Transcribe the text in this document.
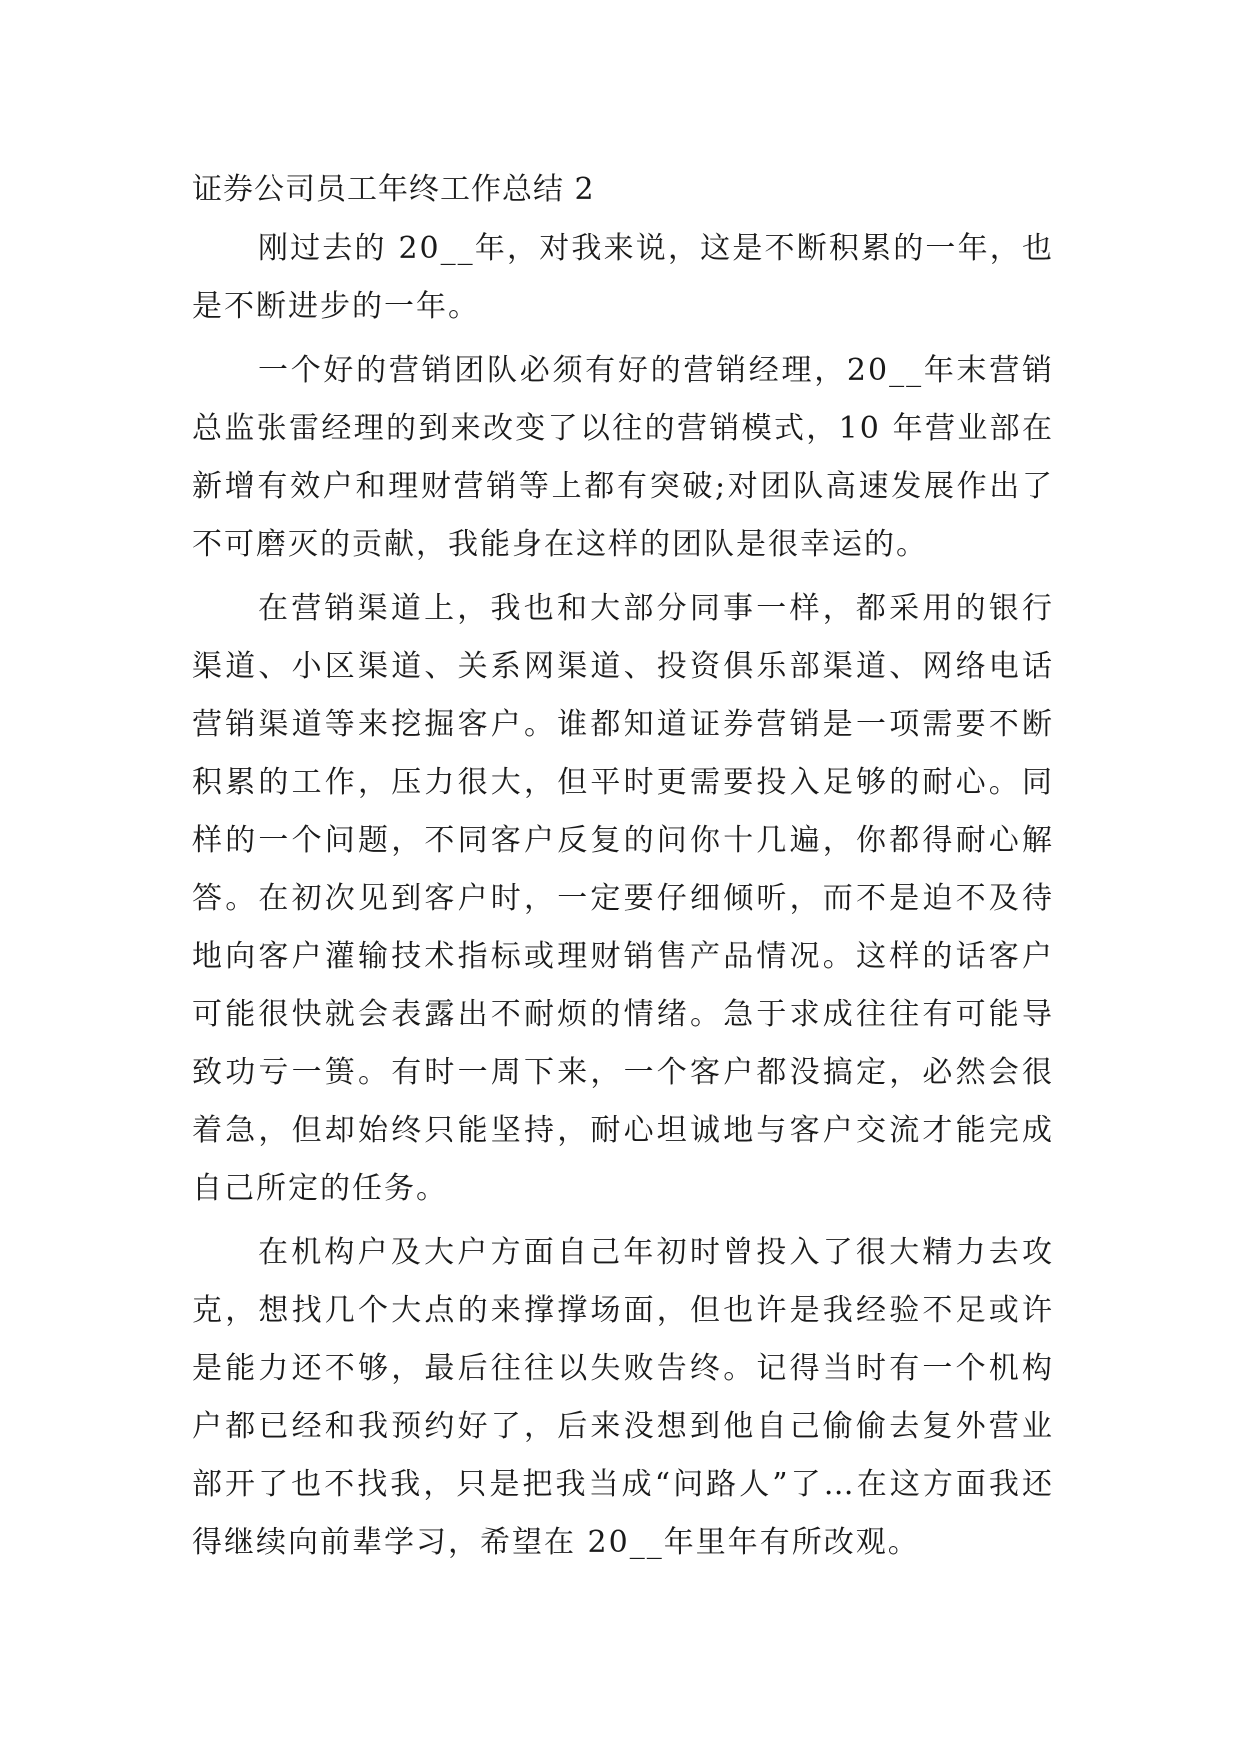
证券公司员工年终工作总结 2

刚过去的 20__年，对我来说，这是不断积累的一年，也是不断进步的一年。

一个好的营销团队必须有好的营销经理，20__年末营销总监张雷经理的到来改变了以往的营销模式，10 年营业部在新增有效户和理财营销等上都有突破;对团队高速发展作出了不可磨灭的贡献，我能身在这样的团队是很幸运的。

在营销渠道上，我也和大部分同事一样，都采用的银行渠道、小区渠道、关系网渠道、投资俱乐部渠道、网络电话营销渠道等来挖掘客户。谁都知道证券营销是一项需要不断积累的工作，压力很大，但平时更需要投入足够的耐心。同样的一个问题，不同客户反复的问你十几遍，你都得耐心解答。在初次见到客户时，一定要仔细倾听，而不是迫不及待地向客户灌输技术指标或理财销售产品情况。这样的话客户可能很快就会表露出不耐烦的情绪。急于求成往往有可能导致功亏一篑。有时一周下来，一个客户都没搞定，必然会很着急，但却始终只能坚持，耐心坦诚地与客户交流才能完成自己所定的任务。

在机构户及大户方面自己年初时曾投入了很大精力去攻克，想找几个大点的来撑撑场面，但也许是我经验不足或许是能力还不够，最后往往以失败告终。记得当时有一个机构户都已经和我预约好了，后来没想到他自己偷偷去复外营业部开了也不找我，只是把我当成“问路人”了…在这方面我还得继续向前辈学习，希望在 20__年里年有所改观。
